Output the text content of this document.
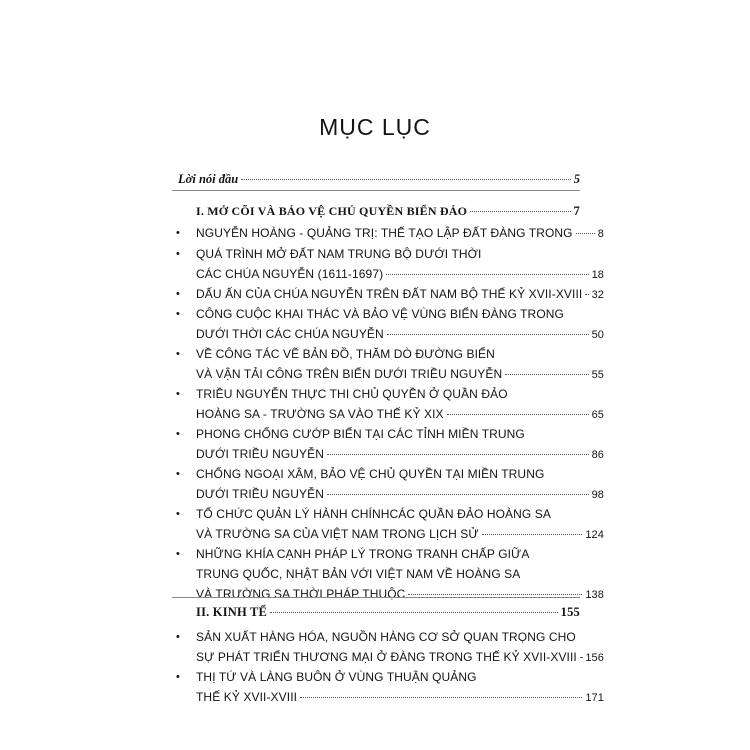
MỤC LỤC
Lời nói đầu	5
I. MỞ CÕI VÀ BẢO VỆ CHỦ QUYỀN BIỂN ĐẢO	7
• NGUYỄN HOÀNG - QUẢNG TRỊ: THẾ TẠO LẬP ĐẤT ĐÀNG TRONG 8
• QUÁ TRÌNH MỞ ĐẤT NAM TRUNG BỘ DƯỚI THỜI
CÁC CHÚA NGUYỄN (1611-1697)	18
• DẤU ẤN CỦA CHÚA NGUYỄN TRÊN ĐẤT NAM BỘ THẾ KỶ XVII-XVIII 32
• CÔNG CUỘC KHAI THÁC VÀ BẢO VỆ VÙNG BIỂN ĐÀNG TRONG
DƯỚI THỜI CÁC CHÚA NGUYỄN	50
• VỀ CÔNG TÁC VẼ BẢN ĐỒ, THĂM DÒ ĐƯỜNG BIỂN
VÀ VẬN TẢI CÔNG TRÊN BIỂN DƯỚI TRIỀU NGUYỄN	55
• TRIỀU NGUYỄN THỰC THI CHỦ QUYỀN Ở QUẦN ĐẢO
HOÀNG SA - TRƯỜNG SA VÀO THẾ KỶ XIX	65
• PHONG CHỐNG CƯỚP BIỂN TẠI CÁC TỈNH MIỀN TRUNG
DƯỚI TRIỀU NGUYỄN	86
• CHỐNG NGOẠI XÂM, BẢO VỆ CHỦ QUYỀN TẠI MIỀN TRUNG
DƯỚI TRIỀU NGUYỄN	98
• TỔ CHỨC QUẢN LÝ HÀNH CHÍNHCÁC QUẦN ĐẢO HOÀNG SA
VÀ TRƯỜNG SA CỦA VIỆT NAM TRONG LỊCH SỬ	124
• NHỮNG KHÍA CẠNH PHÁP LÝ TRONG TRANH CHẤP GIỮA
TRUNG QUỐC, NHẬT BẢN VỚI VIỆT NAM VỀ HOÀNG SA
VÀ TRƯỜNG SA THỜI PHÁP THUỘC	138
II. KINH TẾ	155
• SẢN XUẤT HÀNG HÓA, NGUỒN HÀNG CƠ SỞ QUAN TRỌNG CHO
SỰ PHÁT TRIỂN THƯƠNG MẠI Ở ĐÀNG TRONG THẾ KỶ XVII-XVIII 156
• THỊ TỨ VÀ LÀNG BUÔN Ở VÙNG THUẬN QUẢNG
THẾ KỶ XVII-XVIII	171
